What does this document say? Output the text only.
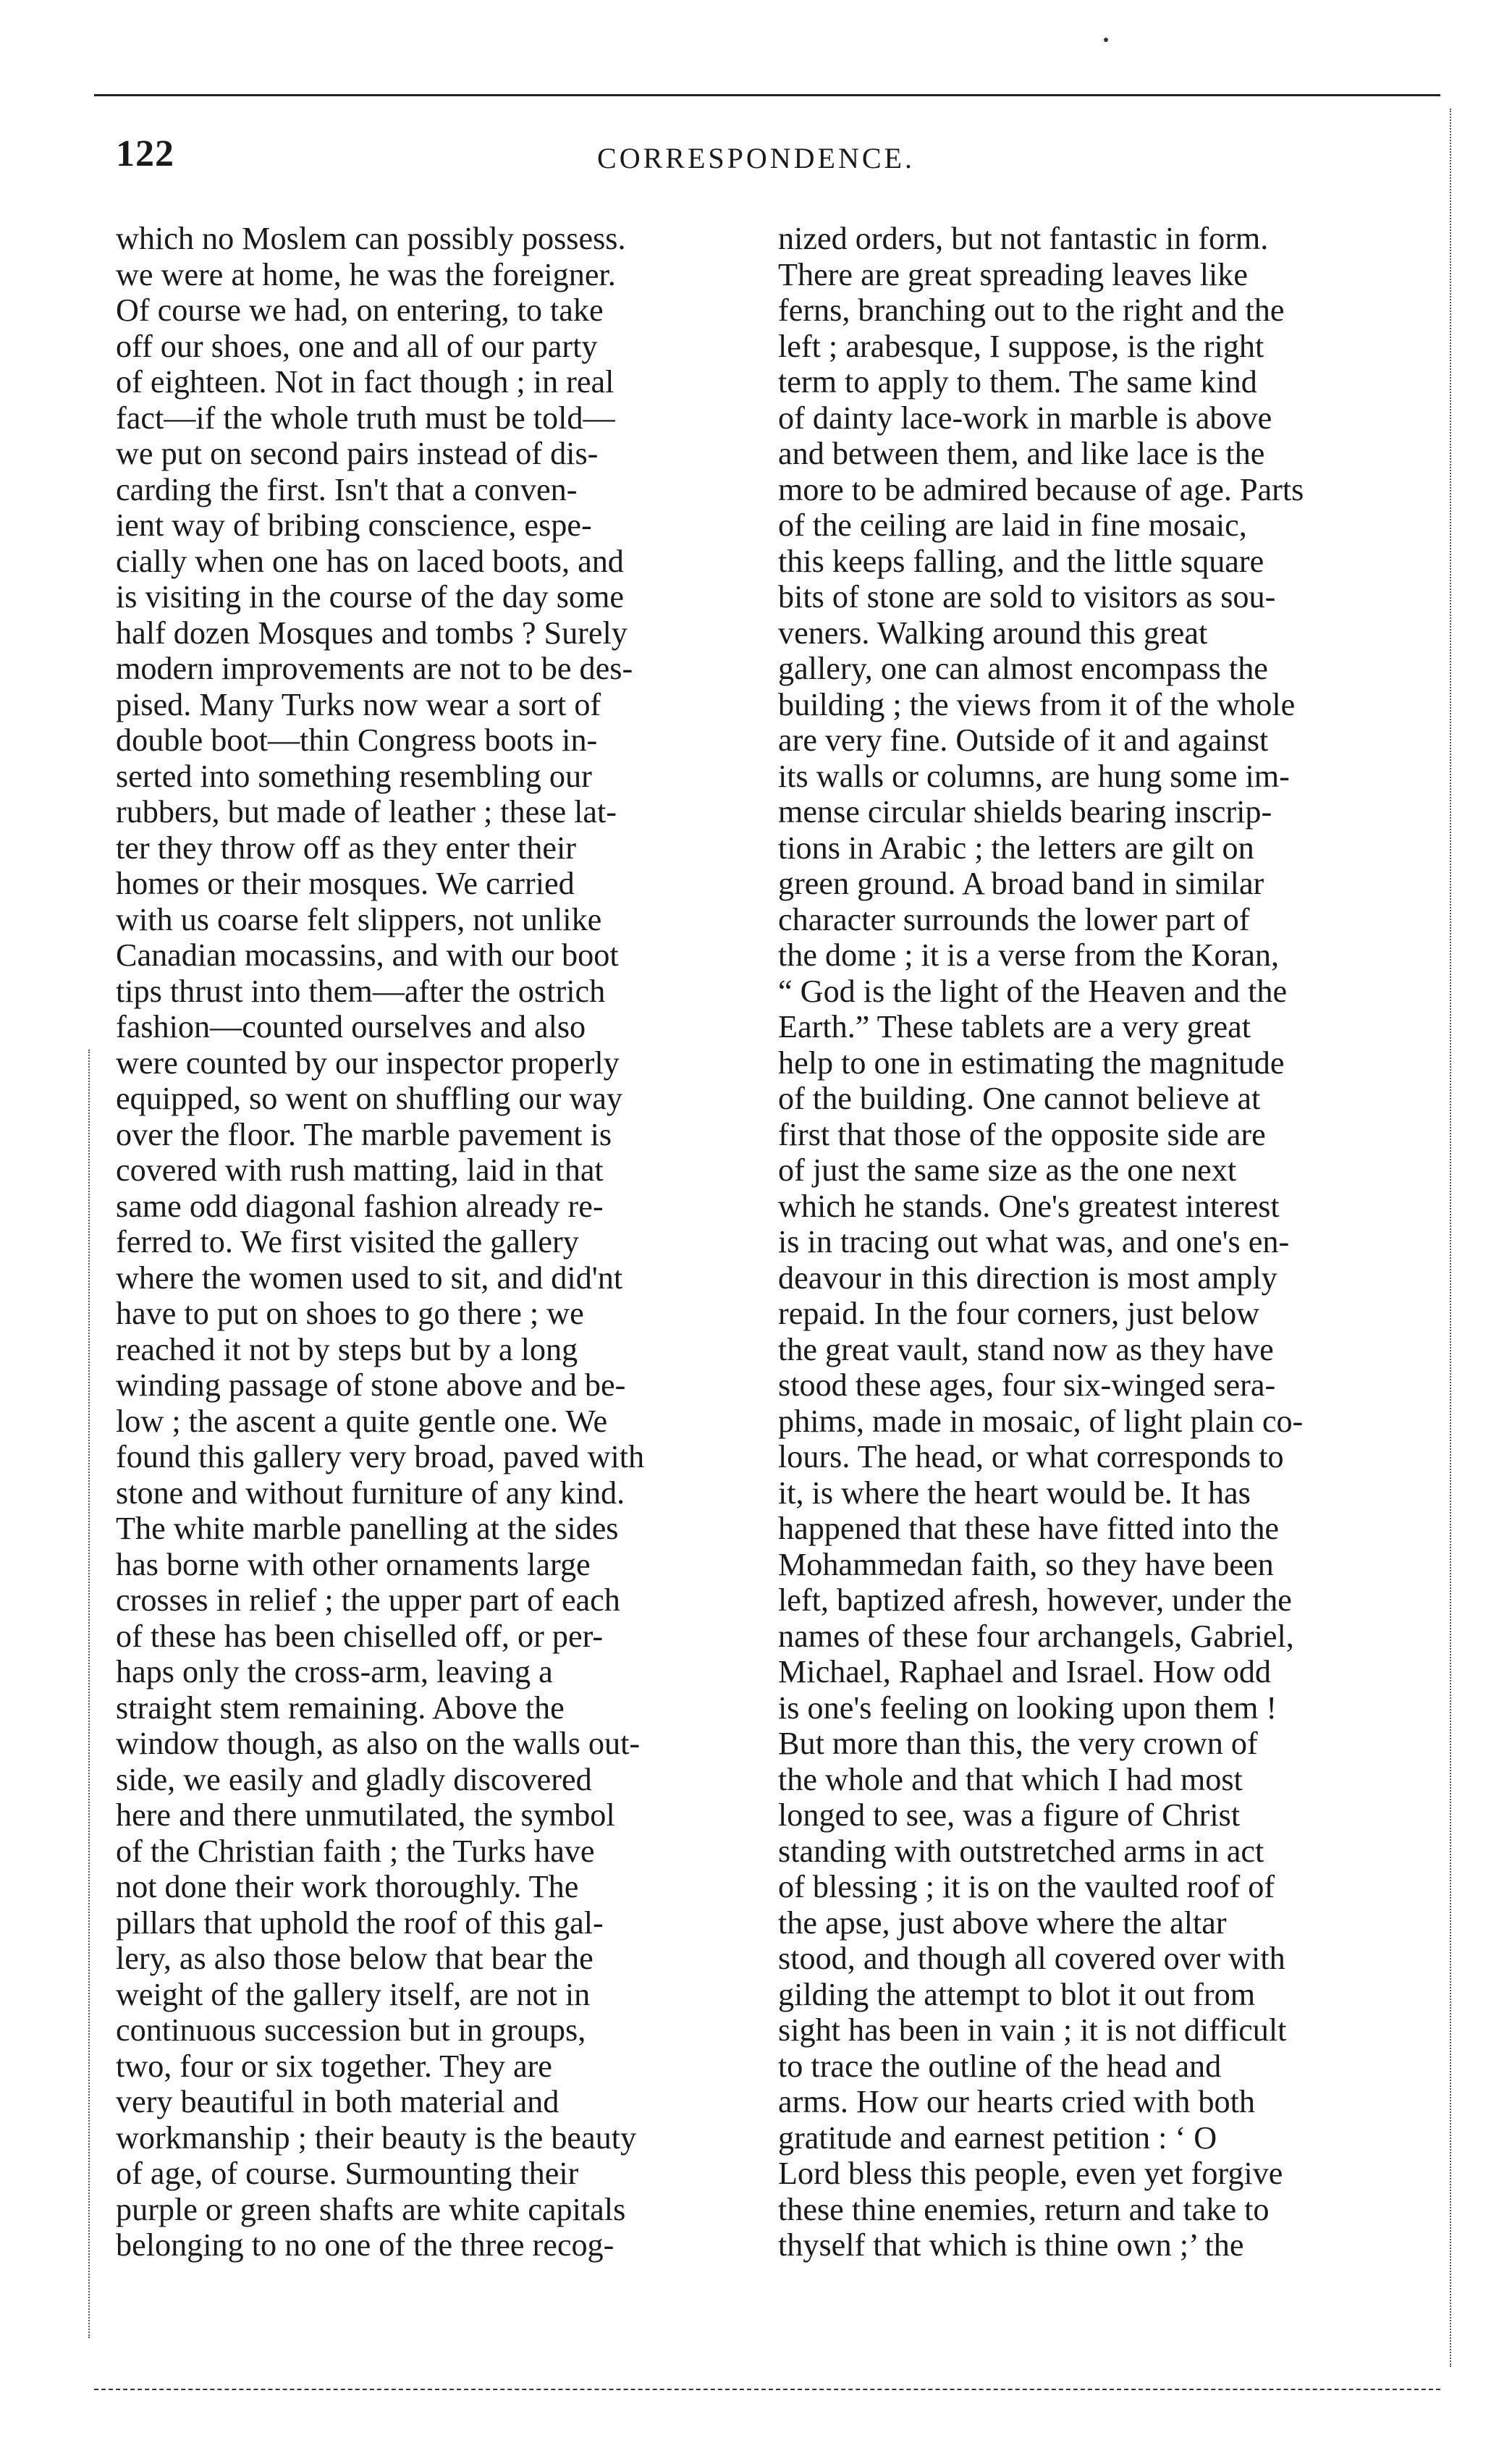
122	CORRESPONDENCE.
which no Moslem can possibly possess.
we were at home, he was the foreigner.
Of course we had, on entering, to take
off our shoes, one and all of our party
of eighteen. Not in fact though ; in real
fact—if the whole truth must be told—
we put on second pairs instead of dis-
carding the first. Isn't that a conven-
ient way of bribing conscience, espe-
cially when one has on laced boots, and
is visiting in the course of the day some
half dozen Mosques and tombs ? Surely
modern improvements are not to be des-
pised. Many Turks now wear a sort of
double boot—thin Congress boots in-
serted into something resembling our
rubbers, but made of leather ; these lat-
ter they throw off as they enter their
homes or their mosques. We carried
with us coarse felt slippers, not unlike
Canadian mocassins, and with our boot
tips thrust into them—after the ostrich
fashion—counted ourselves and also
were counted by our inspector properly
equipped, so went on shuffling our way
over the floor. The marble pavement is
covered with rush matting, laid in that
same odd diagonal fashion already re-
ferred to. We first visited the gallery
where the women used to sit, and did'nt
have to put on shoes to go there ; we
reached it not by steps but by a long
winding passage of stone above and be-
low ; the ascent a quite gentle one. We
found this gallery very broad, paved with
stone and without furniture of any kind.
The white marble panelling at the sides
has borne with other ornaments large
crosses in relief ; the upper part of each
of these has been chiselled off, or per-
haps only the cross-arm, leaving a
straight stem remaining. Above the
window though, as also on the walls out-
side, we easily and gladly discovered
here and there unmutilated, the symbol
of the Christian faith ; the Turks have
not done their work thoroughly. The
pillars that uphold the roof of this gal-
lery, as also those below that bear the
weight of the gallery itself, are not in
continuous succession but in groups,
two, four or six together. They are
very beautiful in both material and
workmanship ; their beauty is the beauty
of age, of course. Surmounting their
purple or green shafts are white capitals
belonging to no one of the three recog-
nized orders, but not fantastic in form.
There are great spreading leaves like
ferns, branching out to the right and the
left ; arabesque, I suppose, is the right
term to apply to them. The same kind
of dainty lace-work in marble is above
and between them, and like lace is the
more to be admired because of age. Parts
of the ceiling are laid in fine mosaic,
this keeps falling, and the little square
bits of stone are sold to visitors as sou-
veners. Walking around this great
gallery, one can almost encompass the
building ; the views from it of the whole
are very fine. Outside of it and against
its walls or columns, are hung some im-
mense circular shields bearing inscrip-
tions in Arabic ; the letters are gilt on
green ground. A broad band in similar
character surrounds the lower part of
the dome ; it is a verse from the Koran,
“ God is the light of the Heaven and the
Earth.” These tablets are a very great
help to one in estimating the magnitude
of the building. One cannot believe at
first that those of the opposite side are
of just the same size as the one next
which he stands. One's greatest interest
is in tracing out what was, and one's en-
deavour in this direction is most amply
repaid. In the four corners, just below
the great vault, stand now as they have
stood these ages, four six-winged sera-
phims, made in mosaic, of light plain co-
lours. The head, or what corresponds to
it, is where the heart would be. It has
happened that these have fitted into the
Mohammedan faith, so they have been
left, baptized afresh, however, under the
names of these four archangels, Gabriel,
Michael, Raphael and Israel. How odd
is one's feeling on looking upon them !
But more than this, the very crown of
the whole and that which I had most
longed to see, was a figure of Christ
standing with outstretched arms in act
of blessing ; it is on the vaulted roof of
the apse, just above where the altar
stood, and though all covered over with
gilding the attempt to blot it out from
sight has been in vain ; it is not difficult
to trace the outline of the head and
arms. How our hearts cried with both
gratitude and earnest petition : ‘ O
Lord bless this people, even yet forgive
these thine enemies, return and take to
thyself that which is thine own ;’ the
